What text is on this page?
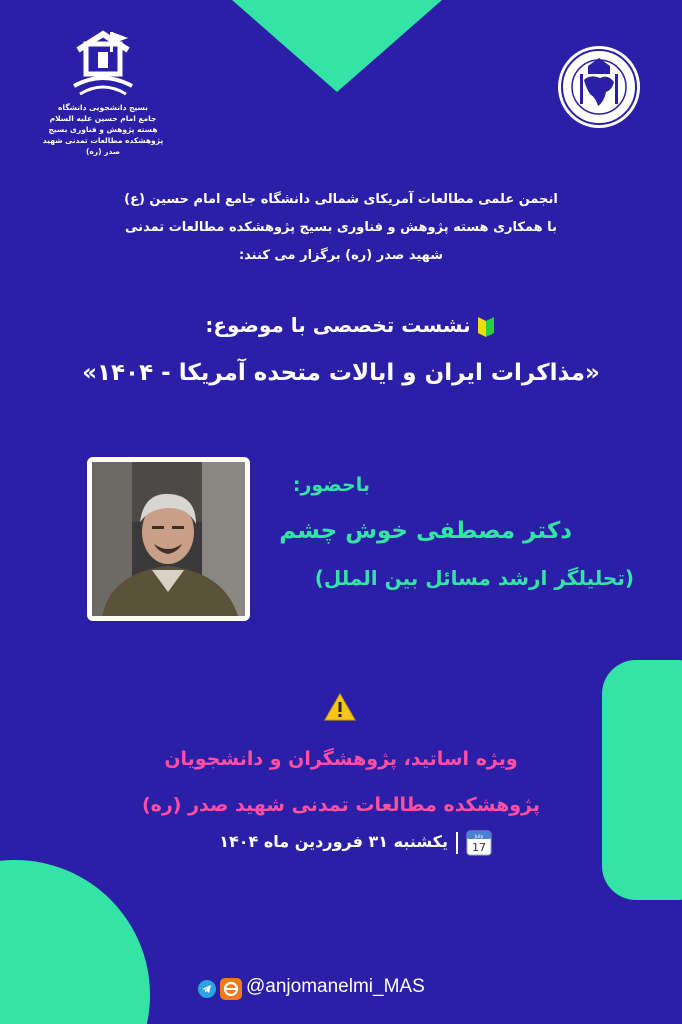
بسیج دانشجویی دانشگاه
جامع امام حسین علیه السلام
هسته پژوهش و فناوری بسیج
پژوهشکده مطالعات تمدنی شهید صدر (ره)
انجمن علمی مطالعات آمریکای شمالی دانشگاه جامع امام حسین (ع)
با همکاری هسته پژوهش و فناوری بسیج پژوهشکده مطالعات تمدنی
شهید صدر (ره) برگزار می کنند:
نشست تخصصی با موضوع:
«مذاکرات ایران و ایالات متحده آمریکا - ۱۴۰۴»
باحضور:
دکتر مصطفی خوش چشم
(تحلیلگر ارشد مسائل بین الملل)
ویژه اساتید، پژوهشگران و دانشجویان
پژوهشکده مطالعات تمدنی شهید صدر (ره)
July
17
یکشنبه ۳۱ فروردین ماه ۱۴۰۴
@anjomanelmi_MAS
